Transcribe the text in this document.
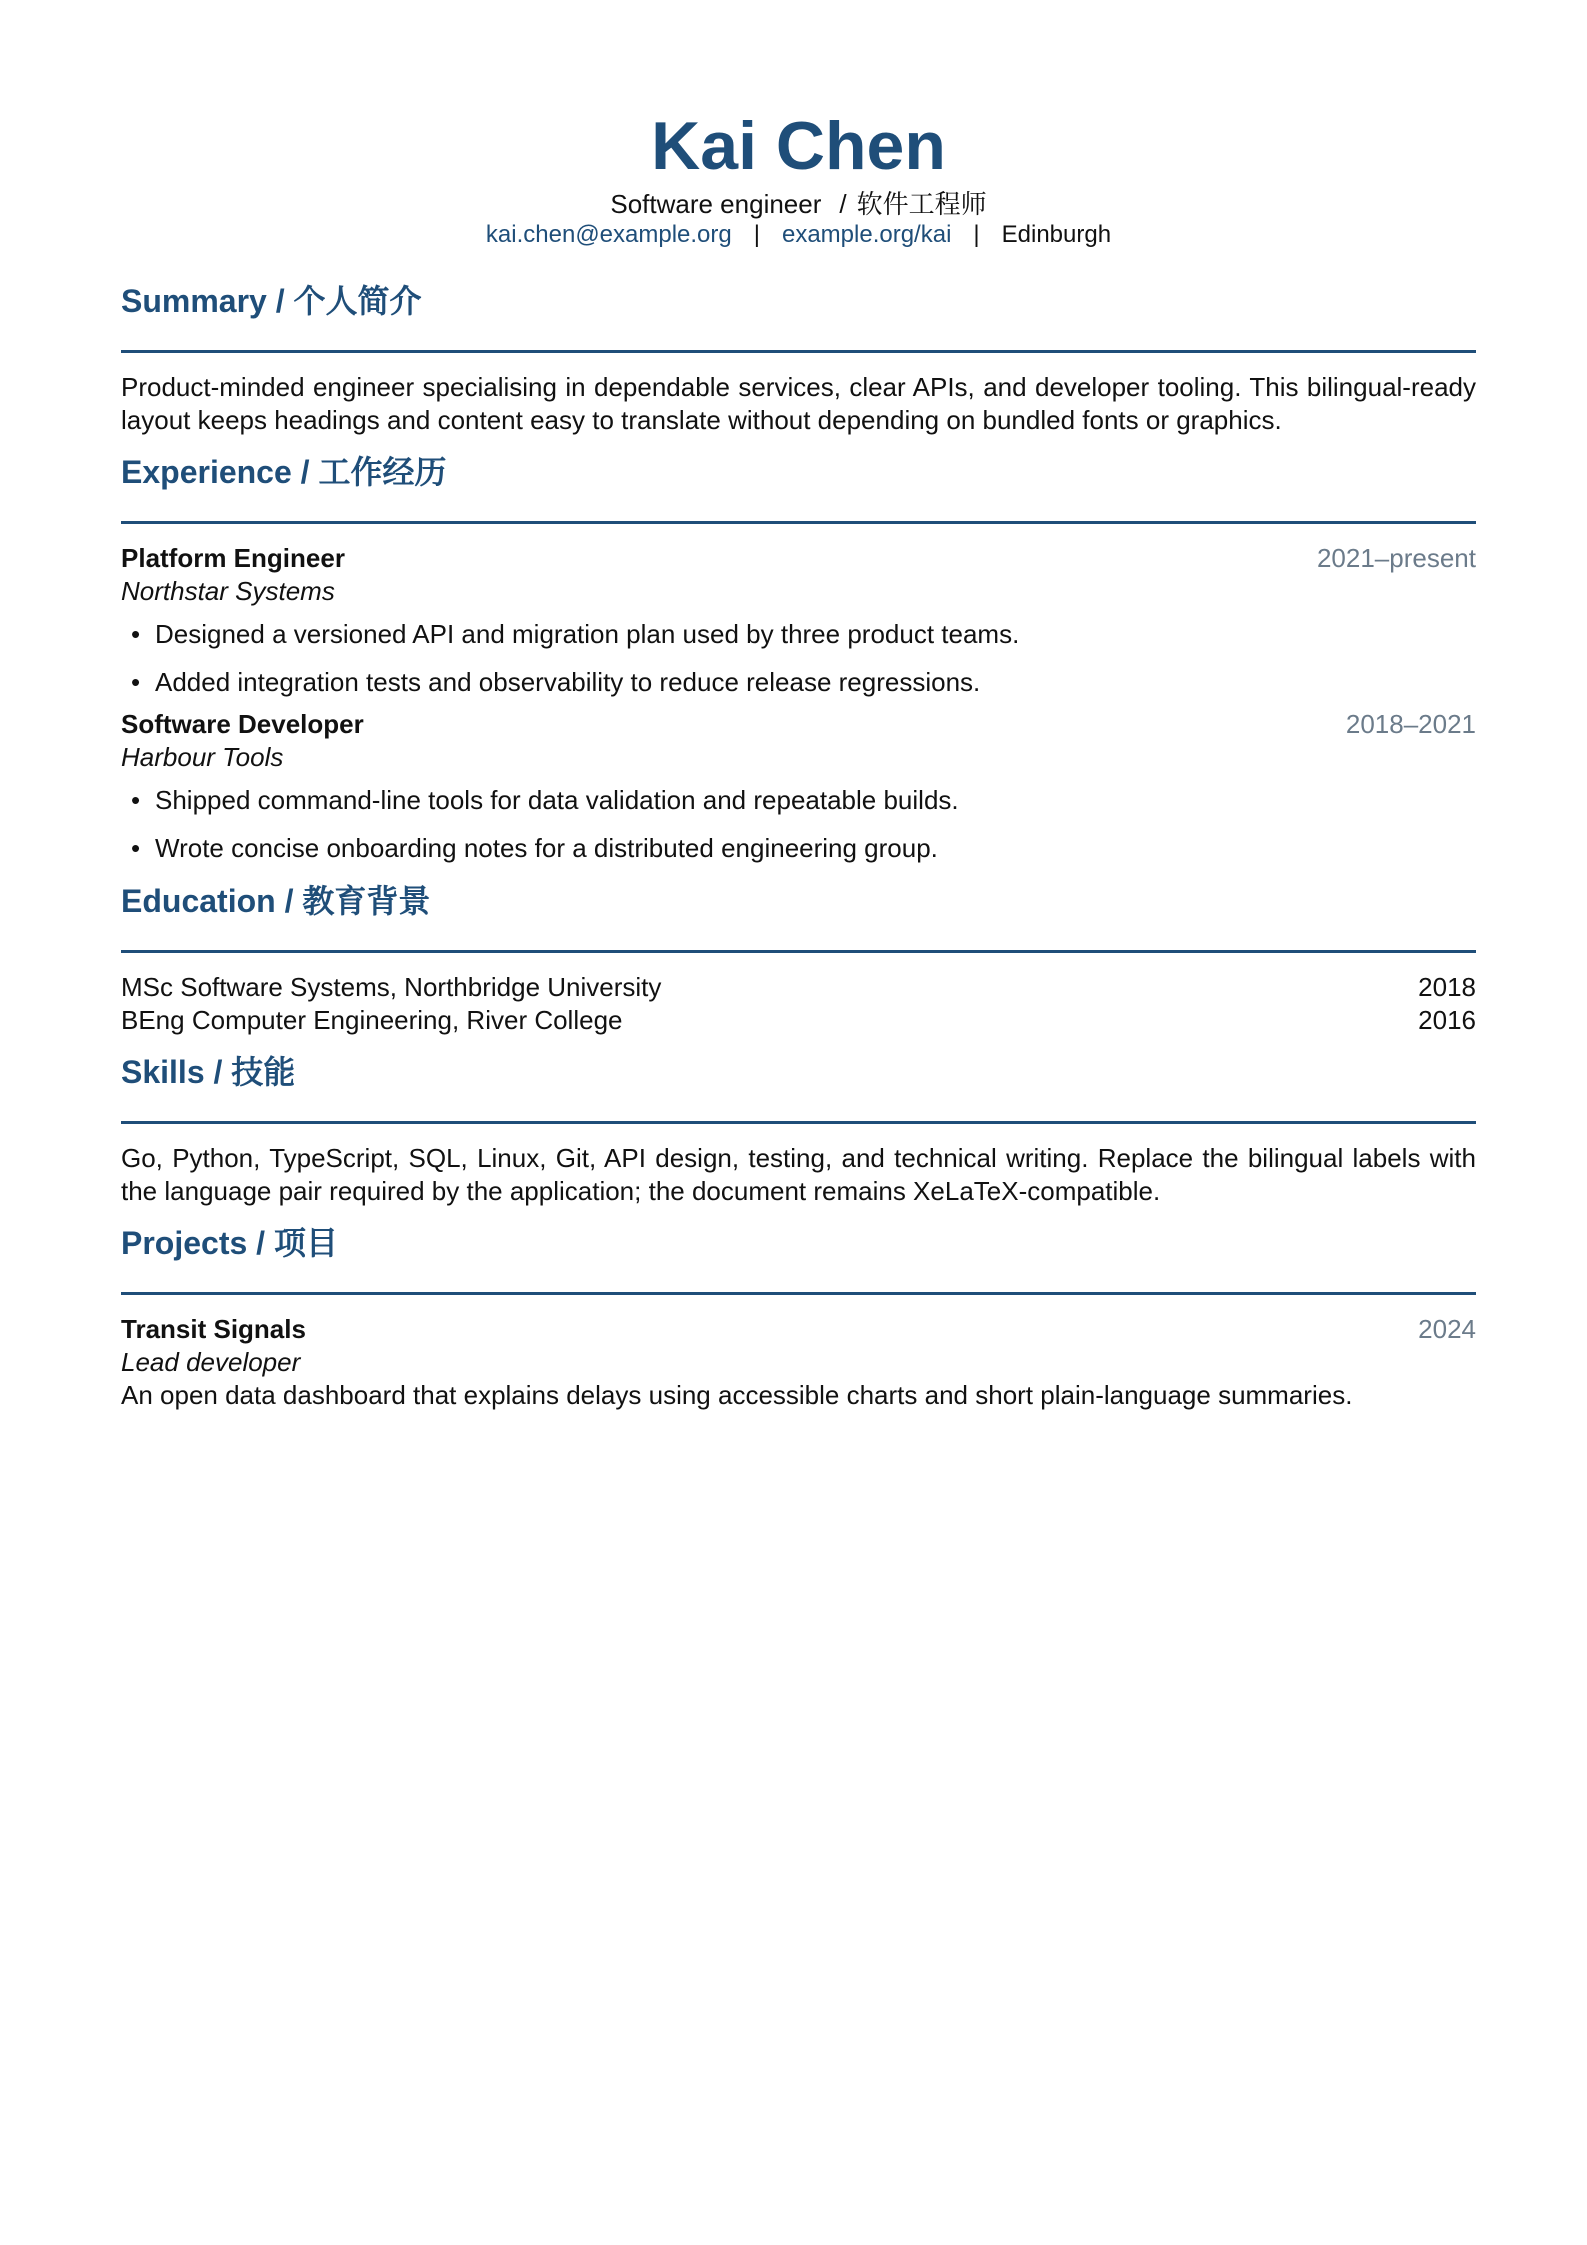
Kai Chen
Software engineer / 软件工程师
kai.chen@example.org | example.org/kai | Edinburgh
Summary / 个人简介
Product-minded engineer specialising in dependable services, clear APIs, and developer tooling. This bilingual-ready layout keeps headings and content easy to translate without depending on bundled fonts or graphics.
Experience / 工作经历
Platform Engineer	2021–present
Northstar Systems
• Designed a versioned API and migration plan used by three product teams.
• Added integration tests and observability to reduce release regressions.
Software Developer	2018–2021
Harbour Tools
• Shipped command-line tools for data validation and repeatable builds.
• Wrote concise onboarding notes for a distributed engineering group.
Education / 教育背景
MSc Software Systems, Northbridge University	2018
BEng Computer Engineering, River College	2016
Skills / 技能
Go, Python, TypeScript, SQL, Linux, Git, API design, testing, and technical writing. Replace the bilingual labels with the language pair required by the application; the document remains XeLaTeX-compatible.
Projects / 项目
Transit Signals	2024
Lead developer
An open data dashboard that explains delays using accessible charts and short plain-language summaries.
